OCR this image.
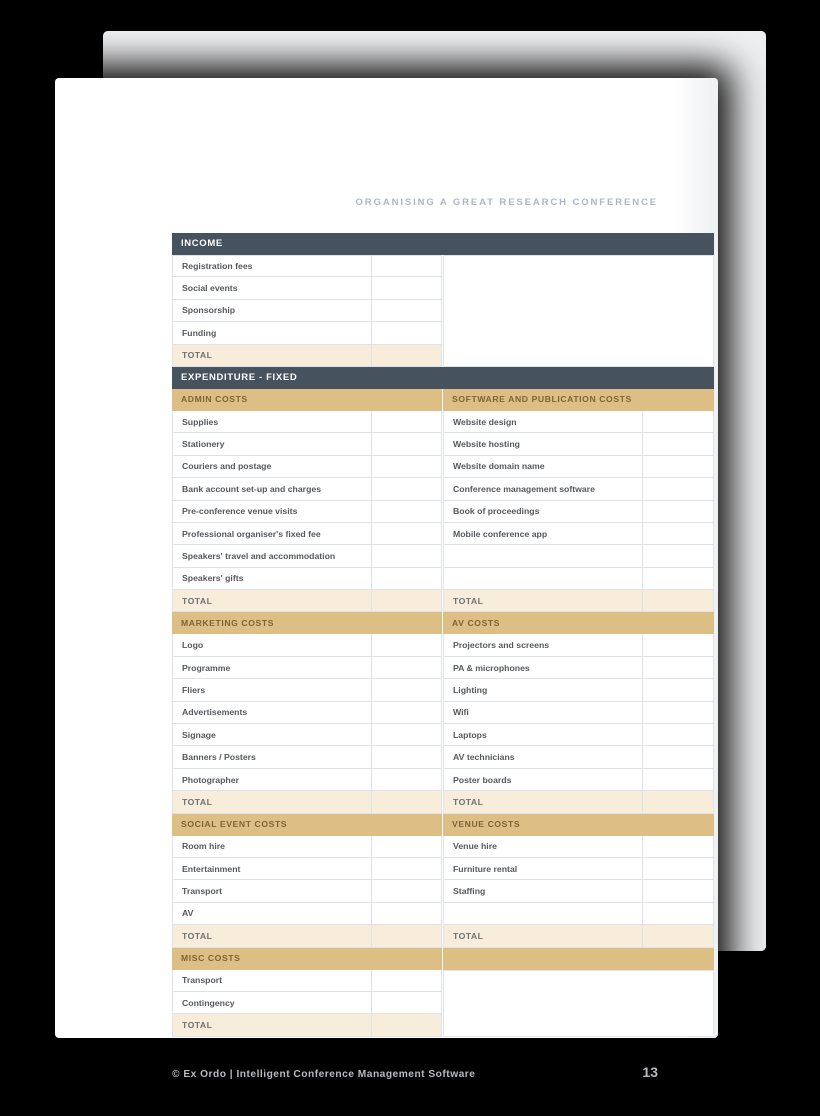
ORGANISING A GREAT RESEARCH CONFERENCE
INCOME
Registration fees
Social events
Sponsorship
Funding
TOTAL
EXPENDITURE - FIXED
ADMIN COSTS
Supplies
Stationery
Couriers and postage
Bank account set-up and charges
Pre-conference venue visits
Professional organiser's fixed fee
Speakers' travel and accommodation
Speakers' gifts
TOTAL
SOFTWARE AND PUBLICATION COSTS
Website design
Website hosting
Website domain name
Conference management software
Book of proceedings
Mobile conference app
TOTAL
MARKETING COSTS
Logo
Programme
Fliers
Advertisements
Signage
Banners / Posters
Photographer
TOTAL
AV COSTS
Projectors and screens
PA & microphones
Lighting
Wifi
Laptops
AV technicians
Poster boards
TOTAL
SOCIAL EVENT COSTS
Room hire
Entertainment
Transport
AV
TOTAL
VENUE COSTS
Venue hire
Furniture rental
Staffing
TOTAL
MISC COSTS
Transport
Contingency
TOTAL

© Ex Ordo | Intelligent Conference Management Software	13
